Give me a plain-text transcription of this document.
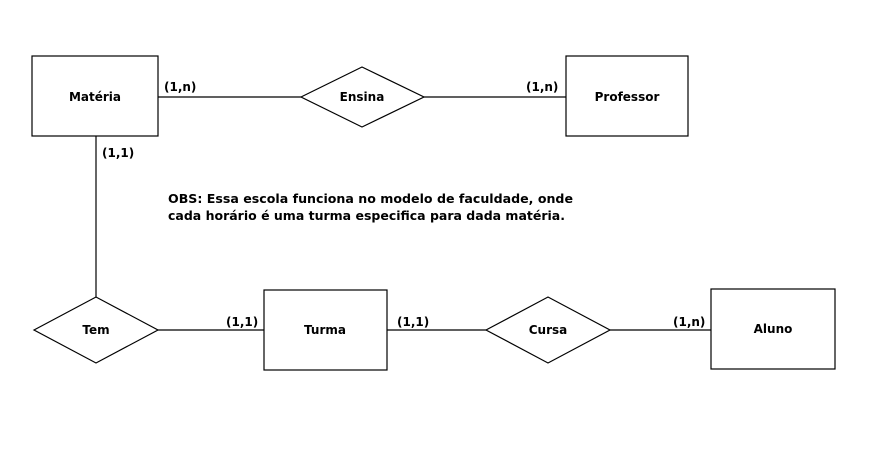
Matéria	Professor
Turma	Aluno
Ensina
Tem	Cursa
(1,n)	(1,n)
(1,1)
(1,1)	(1,1)	(1,n)
OBS: Essa escola funciona no modelo de faculdade, onde
cada horário é uma turma especifica para dada matéria.
